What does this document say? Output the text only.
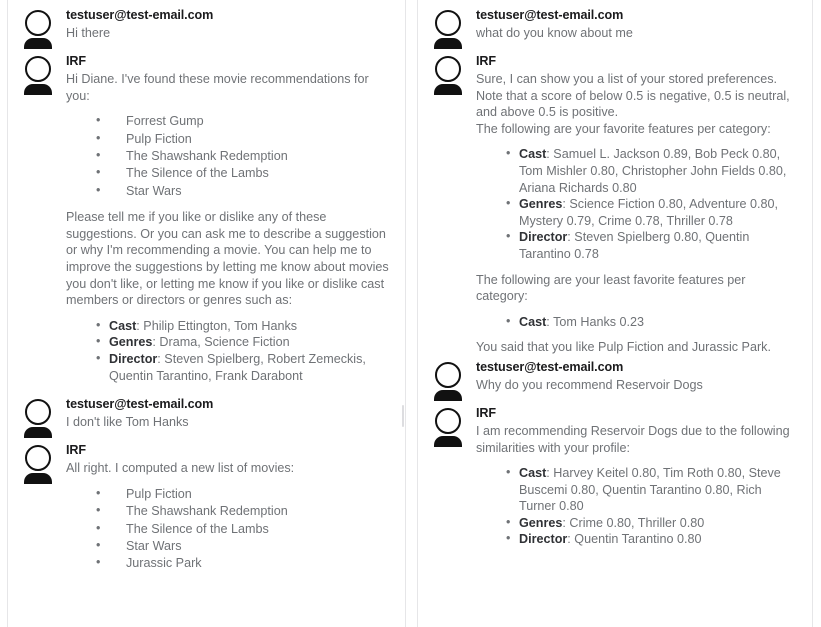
testuser@test-email.com
Hi there
IRF
Hi Diane. I've found these movie recommendations for you:
• Forrest Gump
• Pulp Fiction
• The Shawshank Redemption
• The Silence of the Lambs
• Star Wars
Please tell me if you like or dislike any of these suggestions. Or you can ask me to describe a suggestion or why I'm recommending a movie. You can help me to improve the suggestions by letting me know about movies you don't like, or letting me know if you like or dislike cast members or directors or genres such as:
• Cast: Philip Ettington, Tom Hanks
• Genres: Drama, Science Fiction
• Director: Steven Spielberg, Robert Zemeckis, Quentin Tarantino, Frank Darabont
testuser@test-email.com
I don't like Tom Hanks
IRF
All right. I computed a new list of movies:
• Pulp Fiction
• The Shawshank Redemption
• The Silence of the Lambs
• Star Wars
• Jurassic Park
testuser@test-email.com
what do you know about me
IRF
Sure, I can show you a list of your stored preferences. Note that a score of below 0.5 is negative, 0.5 is neutral, and above 0.5 is positive.
The following are your favorite features per category:
• Cast: Samuel L. Jackson 0.89, Bob Peck 0.80, Tom Mishler 0.80, Christopher John Fields 0.80, Ariana Richards 0.80
• Genres: Science Fiction 0.80, Adventure 0.80, Mystery 0.79, Crime 0.78, Thriller 0.78
• Director: Steven Spielberg 0.80, Quentin Tarantino 0.78
The following are your least favorite features per category:
• Cast: Tom Hanks 0.23
You said that you like Pulp Fiction and Jurassic Park.
testuser@test-email.com
Why do you recommend Reservoir Dogs
IRF
I am recommending Reservoir Dogs due to the following similarities with your profile:
• Cast: Harvey Keitel 0.80, Tim Roth 0.80, Steve Buscemi 0.80, Quentin Tarantino 0.80, Rich Turner 0.80
• Genres: Crime 0.80, Thriller 0.80
• Director: Quentin Tarantino 0.80
